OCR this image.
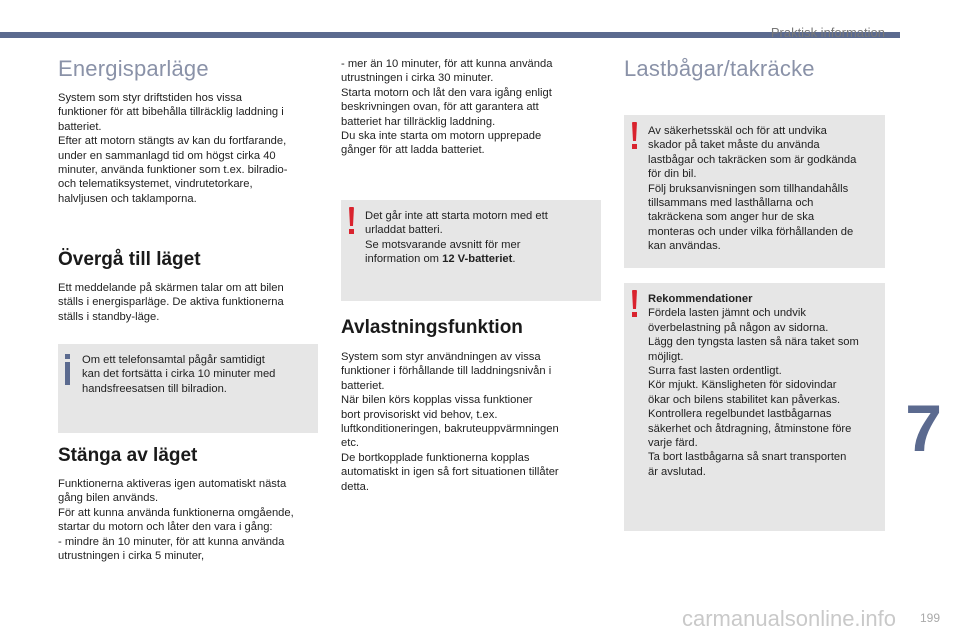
Praktisk information
7
199
carmanualsonline.info
Energisparläge
System som styr driftstiden hos vissa
funktioner för att bibehålla tillräcklig laddning i
batteriet.
Efter att motorn stängts av kan du fortfarande,
under en sammanlagd tid om högst cirka 40
minuter, använda funktioner som t.ex. bilradio-
och telematiksystemet, vindrutetorkare,
halvljusen och taklamporna.
Övergå till läget
Ett meddelande på skärmen talar om att bilen
ställs i energisparläge. De aktiva funktionerna
ställs i standby-läge.
Om ett telefonsamtal pågår samtidigt
kan det fortsätta i cirka 10 minuter med
handsfreesatsen till bilradion.
Stänga av läget
Funktionerna aktiveras igen automatiskt nästa
gång bilen används.
För att kunna använda funktionerna omgående,
startar du motorn och låter den vara i gång:
- mindre än 10 minuter, för att kunna använda
utrustningen i cirka 5 minuter,
- mer än 10 minuter, för att kunna använda
utrustningen i cirka 30 minuter.
Starta motorn och låt den vara igång enligt
beskrivningen ovan, för att garantera att
batteriet har tillräcklig laddning.
Du ska inte starta om motorn upprepade
gånger för att ladda batteriet.
Det går inte att starta motorn med ett
urladdat batteri.
Se motsvarande avsnitt för mer
information om 12 V-batteriet.
Avlastningsfunktion
System som styr användningen av vissa
funktioner i förhållande till laddningsnivån i
batteriet.
När bilen körs kopplas vissa funktioner
bort provisoriskt vid behov, t.ex.
luftkonditioneringen, bakruteuppvärmningen
etc.
De bortkopplade funktionerna kopplas
automatiskt in igen så fort situationen tillåter
detta.
Lastbågar/takräcke
Av säkerhetsskäl och för att undvika
skador på taket måste du använda
lastbågar och takräcken som är godkända
för din bil.
Följ bruksanvisningen som tillhandahålls
tillsammans med lasthållarna och
takräckena som anger hur de ska
monteras och under vilka förhållanden de
kan användas.
Rekommendationer
Fördela lasten jämnt och undvik
överbelastning på någon av sidorna.
Lägg den tyngsta lasten så nära taket som
möjligt.
Surra fast lasten ordentligt.
Kör mjukt. Känsligheten för sidovindar
ökar och bilens stabilitet kan påverkas.
Kontrollera regelbundet lastbågarnas
säkerhet och åtdragning, åtminstone före
varje färd.
Ta bort lastbågarna så snart transporten
är avslutad.
